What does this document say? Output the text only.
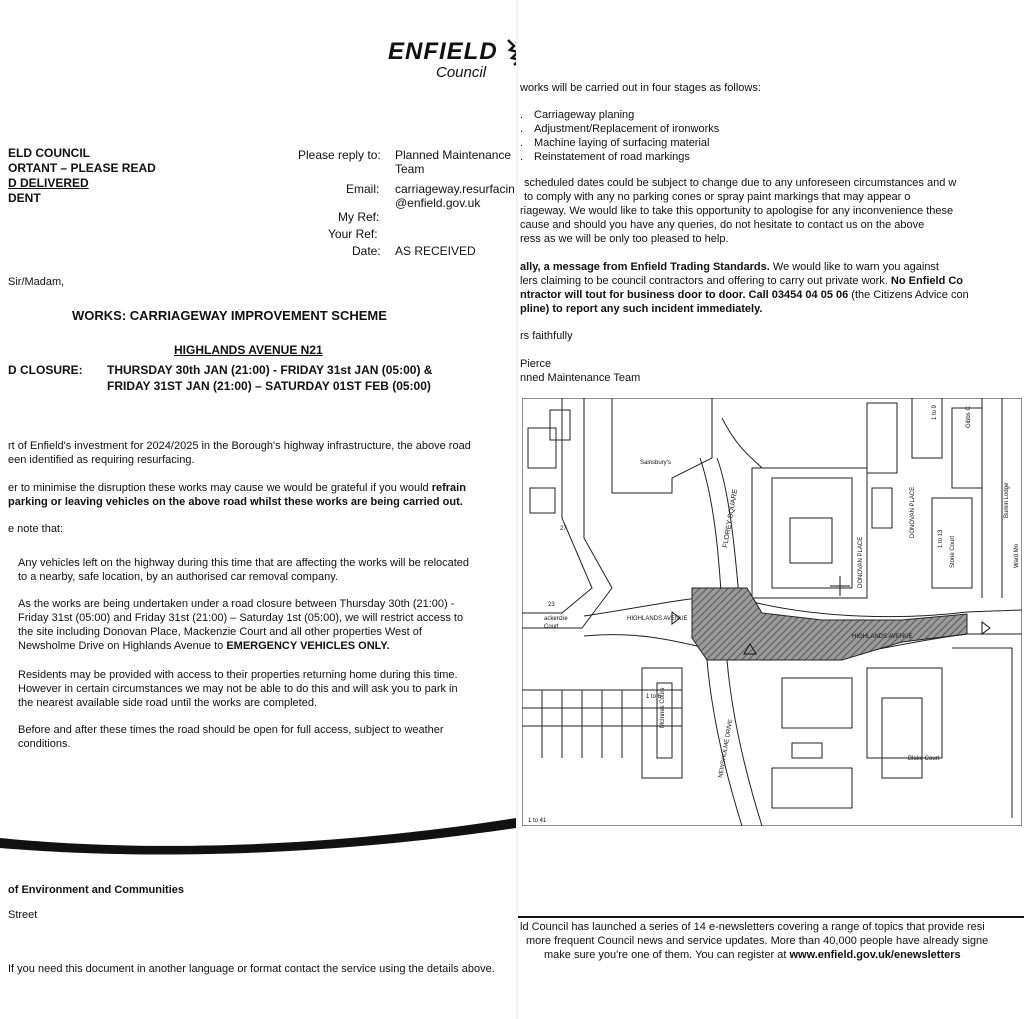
ENFIELD
Council
ELD COUNCIL
ORTANT – PLEASE READ
D DELIVERED
DENT
Please reply to: Planned Maintenance
Team
Email: carriageway.resurfacin
@enfield.gov.uk
My Ref:
Your Ref:
Date: AS RECEIVED
Sir/Madam,
WORKS: CARRIAGEWAY IMPROVEMENT SCHEME
HIGHLANDS AVENUE N21
D CLOSURE: THURSDAY 30th JAN (21:00) - FRIDAY 31st JAN (05:00) &
FRIDAY 31ST JAN (21:00) – SATURDAY 01ST FEB (05:00)

rt of Enfield's investment for 2024/2025 in the Borough's highway infrastructure, the above road

een identified as requiring resurfacing.

er to minimise the disruption these works may cause we would be grateful if you would refrain

parking or leaving vehicles on the above road whilst these works are being carried out.

e note that:

Any vehicles left on the highway during this time that are affecting the works will be relocated

to a nearby, safe location, by an authorised car removal company.

As the works are being undertaken under a road closure between Thursday 30th (21:00) -

Friday 31st (05:00) and Friday 31st (21:00) – Saturday 1st (05:00), we will restrict access to

the site including Donovan Place, Mackenzie Court and all other properties West of

Newsholme Drive on Highlands Avenue to EMERGENCY VEHICLES ONLY.

Residents may be provided with access to their properties returning home during this time.

However in certain circumstances we may not be able to do this and will ask you to park in

the nearest available side road until the works are completed.

Before and after these times the road should be open for full access, subject to weather

conditions.

of Environment and Communities
Street
If you need this document in another language or format contact the service using the details above.
works will be carried out in four stages as follows:
. Carriageway planing
. Adjustment/Replacement of ironworks
. Machine laying of surfacing material
. Reinstatement of road markings

scheduled dates could be subject to change due to any unforeseen circumstances and w

to comply with any no parking cones or spray paint markings that may appear o

riageway. We would like to take this opportunity to apologise for any inconvenience these

cause and should you have any queries, do not hesitate to contact us on the above

ress as we will be only too pleased to help.

ally, a message from Enfield Trading Standards. We would like to warn you against

lers claiming to be council contractors and offering to carry out private work. No Enfield Co

ntractor will tout for business door to door. Call 03454 04 05 06 (the Citizens Advice con

pline) to report any such incident immediately.

rs faithfully
Pierce
nned Maintenance Team
Sainsbury's
FLOREY SQUARE	DONOVAN PLACE
DONOVAN PLACE
HIGHLANDS AVENUE
HIGHLANDS AVENUE
NEWSHOLME DRIVE	Blake Court
ackenzie
Court
Stone Court
Burkin Lodge
Gibbs C
Ward Mo
McInnes Cours
1 to 41
1 to 13
1 to 9
1 to 6
27
23
ld Council has launched a series of 14 e-newsletters covering a range of topics that provide resi
more frequent Council news and service updates. More than 40,000 people have already signe
make sure you're one of them. You can register at www.enfield.gov.uk/enewsletters
